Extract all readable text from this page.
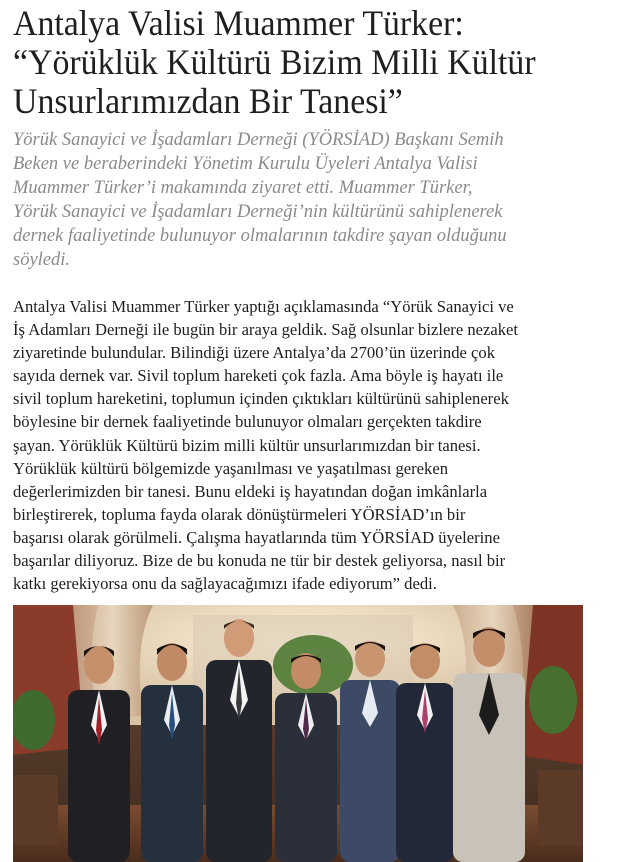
Antalya Valisi Muammer Türker:
“Yörüklük Kültürü Bizim Milli Kültür
Unsurlarımızdan Bir Tanesi”

Yörük Sanayici ve İşadamları Derneği (YÖRSİAD) Başkanı Semih
Beken ve beraberindeki Yönetim Kurulu Üyeleri Antalya Valisi
Muammer Türker’i makamında ziyaret etti. Muammer Türker,
Yörük Sanayici ve İşadamları Derneği’nin kültürünü sahiplenerek
dernek faaliyetinde bulunuyor olmalarının takdire şayan olduğunu
söyledi.

Antalya Valisi Muammer Türker yaptığı açıklamasında “Yörük Sanayici ve
İş Adamları Derneği ile bugün bir araya geldik. Sağ olsunlar bizlere nezaket
ziyaretinde bulundular. Bilindiği üzere Antalya’da 2700’ün üzerinde çok
sayıda dernek var. Sivil toplum hareketi çok fazla. Ama böyle iş hayatı ile
sivil toplum hareketini, toplumun içinden çıktıkları kültürünü sahiplenerek
böylesine bir dernek faaliyetinde bulunuyor olmaları gerçekten takdire
şayan. Yörüklük Kültürü bizim milli kültür unsurlarımızdan bir tanesi.
Yörüklük kültürü bölgemizde yaşanılması ve yaşatılması gereken
değerlerimizden bir tanesi. Bunu eldeki iş hayatından doğan imkânlarla
birleştirerek, topluma fayda olarak dönüştürmeleri YÖRSİAD’ın bir
başarısı olarak görülmeli. Çalışma hayatlarında tüm YÖRSİAD üyelerine
başarılar diliyoruz. Bize de bu konuda ne tür bir destek geliyorsa, nasıl bir
katkı gerekiyorsa onu da sağlayacağımızı ifade ediyorum” dedi.
